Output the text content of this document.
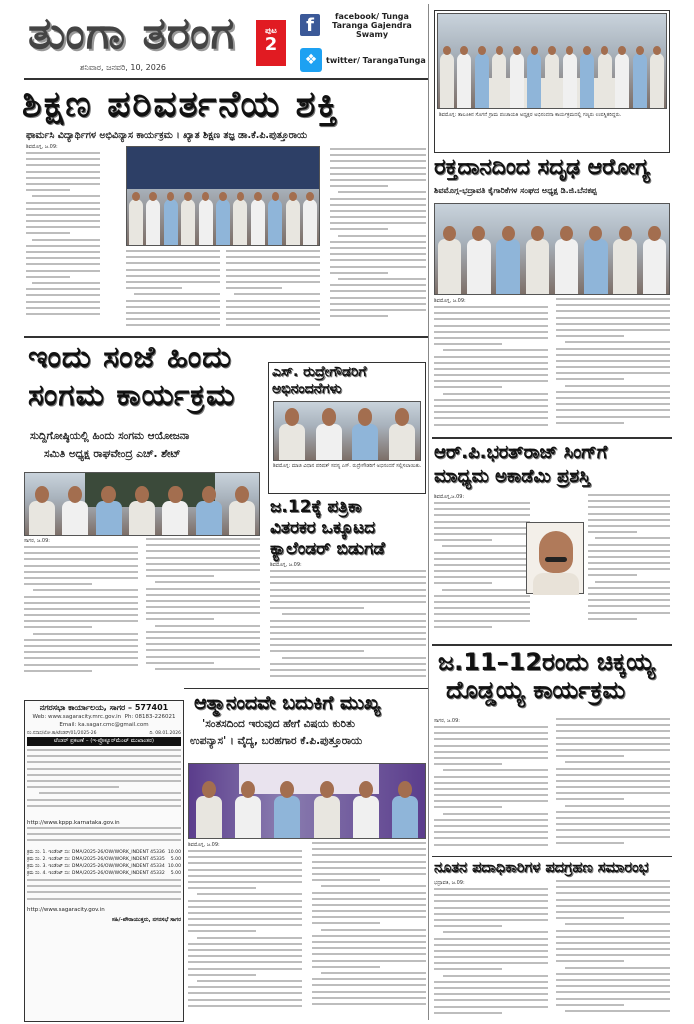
ತುಂಗಾ ತರಂಗ	ಪುಟ
2
ಶನಿವಾರ, ಜನವರಿ, 10, 2026
f	facebook/ Tunga Taranga Gajendra Swamy
❖	twitter/ TarangaTunga
ಶಿಕ್ಷಣ ಪರಿವರ್ತನೆಯ ಶಕ್ತಿ
ಫಾರ್ಮಸಿ ವಿದ್ಯಾರ್ಥಿಗಳ ಅಭಿವಿನ್ಯಾಸ ಕಾರ್ಯಕ್ರಮ । ಖ್ಯಾತ ಶಿಕ್ಷಣ ತಜ್ಞ ಡಾ.ಕೆ.ಪಿ.ಪುತ್ತೂರಾಯ
ಶಿವಮೊಗ್ಗ, ಜ.09:
ಶಿವಮೊಗ್ಗ: ತಾಲೂಕಿನ ಸೊಗನೆ ಗ್ರಾಮ ಪಂಚಾಯತಿ ಅಧ್ಯಕ್ಷರ ಅಭಿನಂದನಾ ಕಾರ್ಯಕ್ರಮದಲ್ಲಿ ಗಣ್ಯರು ಉಪಸ್ಥಿತರಿದ್ದರು.
ರಕ್ತದಾನದಿಂದ ಸದೃಢ ಆರೋಗ್ಯ
ಶಿವಮೊಗ್ಗ-ಭದ್ರಾವತಿ ಕೈಗಾರಿಕೆಗಳ ಸಂಘದ ಅಧ್ಯಕ್ಷ ಡಿ.ಜಿ.ಬೆನಕಪ್ಪ
ಶಿವಮೊಗ್ಗ, ಜ.09:
ಆರ್.ಪಿ.ಭರತ್‌ರಾಜ್ ಸಿಂಗ್‌ಗೆ
ಮಾಧ್ಯಮ ಅಕಾಡೆಮಿ ಪ್ರಶಸ್ತಿ
ಶಿವಮೊಗ್ಗ,ಜ.09:
ಜ.11–12ರಂದು ಚಿಕ್ಕಯ್ಯ
ದೊಡ್ಡಯ್ಯ ಕಾರ್ಯಕ್ರಮ
ಸಾಗರ, ಜ.09:
ನೂತನ ಪದಾಧಿಕಾರಿಗಳ ಪದಗ್ರಹಣ ಸಮಾರಂಭ
ಭದ್ರಾವತಿ, ಜ.09:
ಇಂದು ಸಂಜೆ ಹಿಂದು
ಸಂಗಮ ಕಾರ್ಯಕ್ರಮ
ಸುದ್ದಿಗೋಷ್ಠಿಯಲ್ಲಿ ಹಿಂದು ಸಂಗಮ ಆಯೋಜನಾ
ಸಮಿತಿ ಅಧ್ಯಕ್ಷ ರಾಘವೇಂದ್ರ ಎಚ್. ಶೇಟ್
ಸಾಗರ, ಜ.09:
ಎಸ್. ರುದ್ರೇಗೌಡರಿಗೆ
ಅಭಿನಂದನೆಗಳು
ಶಿವಮೊಗ್ಗ: ಮಾಜಿ ವಿಧಾನ ಪರಿಷತ್ ಸದಸ್ಯ ಎಸ್. ರುದ್ರೇಗೌಡರಿಗೆ ಅಭಿನಂದನೆ ಸಲ್ಲಿಸಲಾಯಿತು.
ಜ.12ಕ್ಕೆ ಪತ್ರಿಕಾ
ವಿತರಕರ ಒಕ್ಕೂಟದ
ಕ್ಯಾಲೆಂಡರ್ ಬಿಡುಗಡೆ
ಶಿವಮೊಗ್ಗ, ಜ.09:
ನಗರಸಭಾ ಕಾರ್ಯಾಲಯ, ಸಾಗರ – 577401
Web: www.sagaracity.mrc.gov.in Ph: 08183-226021
Email: ka.sagar.cmc@gmail.com
ನಂ.ನಸಾಸ/ಲೋ.ಕಾ/ಟೆಂಡರ್/01/2025-26	ದಿ. 08.01.2026
ಟೆಂಡರ್ ಪ್ರಕಟಣೆ – (ಇ-ಪ್ರೊಕ್ಯೂರ್‌ಮೆಂಟ್ ಮುಖಾಂತರ)
http://www.kppp.karnataka.gov.in
ಕ್ರಮ ಸಂ. 1. ಇಂಡೆಂಟ್ ಸಂ: DMA/2025-26/OW/WORK_INDENT 45336 10.00
ಕ್ರಮ ಸಂ. 2. ಇಂಡೆಂಟ್ ಸಂ: DMA/2025-26/OW/WORK_INDENT 45335 5.00
ಕ್ರಮ ಸಂ. 3. ಇಂಡೆಂಟ್ ಸಂ: DMA/2025-26/OW/WORK_INDENT 45334 10.00
ಕ್ರಮ ಸಂ. 4. ಇಂಡೆಂಟ್ ಸಂ: DMA/2025-26/OW/WORK_INDENT 45332 5.00
http://www.sagaracity.gov.in
ಸಹಿ/-ಪೌರಾಯುಕ್ತರು, ನಗರಸಭೆ ಸಾಗರ
ಆತ್ಮಾನಂದವೇ ಬದುಕಿಗೆ ಮುಖ್ಯ
'ಸಂತಸದಿಂದ ಇರುವುದ ಹೇಗೆ ವಿಷಯ ಕುರಿತು
ಉಪನ್ಯಾಸ' । ವೈದ್ಯ, ಬರಹಗಾರ ಕೆ.ಪಿ.ಪುತ್ತೂರಾಯ
ಶಿವಮೊಗ್ಗ, ಜ.09:
